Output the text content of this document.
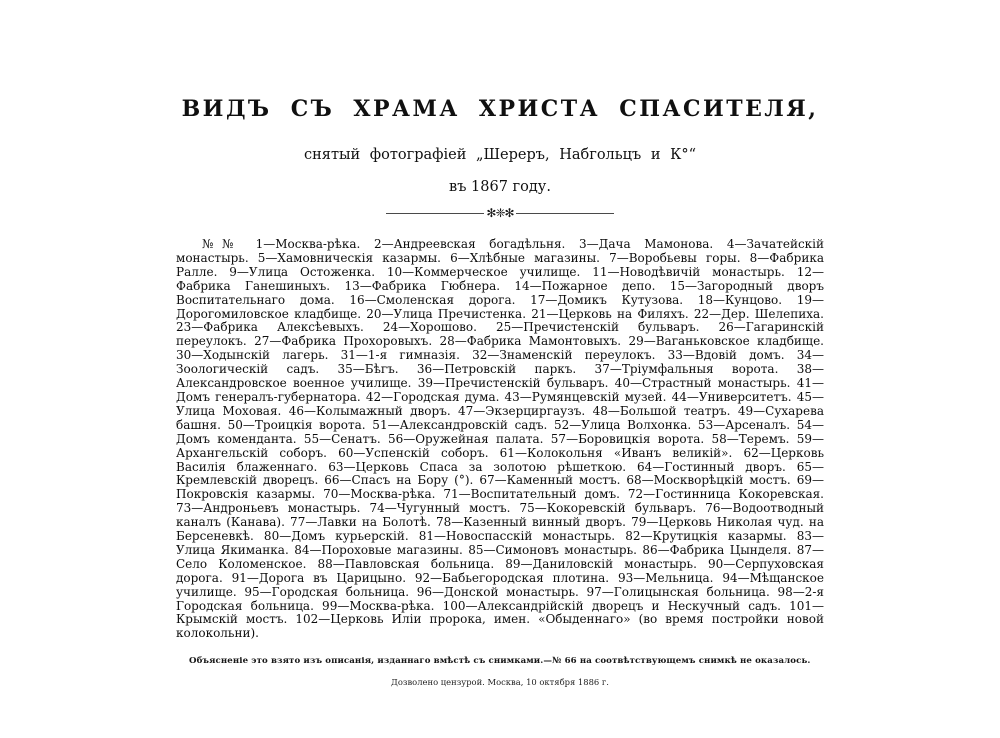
ВИДЪ СЪ ХРАМА ХРИСТА СПАСИТЕЛЯ,
снятый фотографіей „Шереръ, Набгольцъ и К°“
въ 1867 году.
✻❈✻

№№ 1—Москва-рѣка. 2—Андреевская богадѣльня. 3—Дача Мамонова. 4—Зачатейскій монастырь. 5—Хамовническія казармы. 6—Хлѣбные магазины. 7—Воробьевы горы. 8—Фабрика Ралле. 9—Улица Остоженка. 10—Коммерческое училище. 11—Новодѣвичій монастырь. 12—Фабрика Ганешиныхъ. 13—Фабрика Гюбнера. 14—Пожарное депо. 15—Загородный дворъ Воспитательнаго дома. 16—Смоленская дорога. 17—Домикъ Кутузова. 18—Кунцово. 19—Дорогомиловское кладбище. 20—Улица Пречистенка. 21—Церковь на Филяхъ. 22—Дер. Шелепиха. 23—Фабрика Алексѣевыхъ. 24—Хорошово. 25—Пречистенскій бульваръ. 26—Гагаринскій переулокъ. 27—Фабрика Прохоровыхъ. 28—Фабрика Мамонтовыхъ. 29—Ваганьковское кладбище. 30—Ходынскій лагерь. 31—1-я гимназія. 32—Знаменскій переулокъ. 33—Вдовій домъ. 34—Зоологическій садъ. 35—Бѣгъ. 36—Петровскій паркъ. 37—Тріумфальныя ворота. 38—Александровское военное училище. 39—Пречистенскій бульваръ. 40—Страстный монастырь. 41—Домъ генералъ-губернатора. 42—Городская дума. 43—Румянцевскій музей. 44—Университетъ. 45—Улица Моховая. 46—Колымажный дворъ. 47—Экзерциргаузъ. 48—Большой театръ. 49—Сухарева башня. 50—Троицкія ворота. 51—Александровскій садъ. 52—Улица Волхонка. 53—Арсеналъ. 54—Домъ коменданта. 55—Сенатъ. 56—Оружейная палата. 57—Боровицкія ворота. 58—Теремъ. 59—Архангельскій соборъ. 60—Успенскій соборъ. 61—Колокольня «Иванъ великій». 62—Церковь Василія блаженнаго. 63—Церковь Спаса за золотою рѣшеткою. 64—Гостинный дворъ. 65—Кремлевскій дворецъ. 66—Спасъ на Бору (°). 67—Каменный мостъ. 68—Москворѣцкій мостъ. 69—Покровскія казармы. 70—Москва-рѣка. 71—Воспитательный домъ. 72—Гостинница Кокоревская. 73—Андроньевъ монастырь. 74—Чугунный мостъ. 75—Кокоревскій бульваръ. 76—Водоотводный каналъ (Канава). 77—Лавки на Болотѣ. 78—Казенный винный дворъ. 79—Церковь Николая чуд. на Берсеневкѣ. 80—Домъ курьерскій. 81—Новоспасскій монастырь. 82—Крутицкія казармы. 83—Улица Якиманка. 84—Пороховые магазины. 85—Симоновъ монастырь. 86—Фабрика Цынделя. 87—Село Коломенское. 88—Павловская больница. 89—Даниловскій монастырь. 90—Серпуховская дорога. 91—Дорога въ Царицыно. 92—Бабьегородская плотина. 93—Мельница. 94—Мѣщанское училище. 95—Городская больница. 96—Донской монастырь. 97—Голицынская больница. 98—2-я Городская больница. 99—Москва-рѣка. 100—Александрійскій дворецъ и Нескучный садъ. 101—Крымскій мостъ. 102—Церковь Иліи пророка, имен. «Обыденнаго» (во время постройки новой колокольни).

Объясненіе это взято изъ описанія, изданнаго вмѣстѣ съ снимками.—№ 66 на соотвѣтствующемъ снимкѣ не оказалось.

Дозволено цензурой. Москва, 10 октября 1886 г.
